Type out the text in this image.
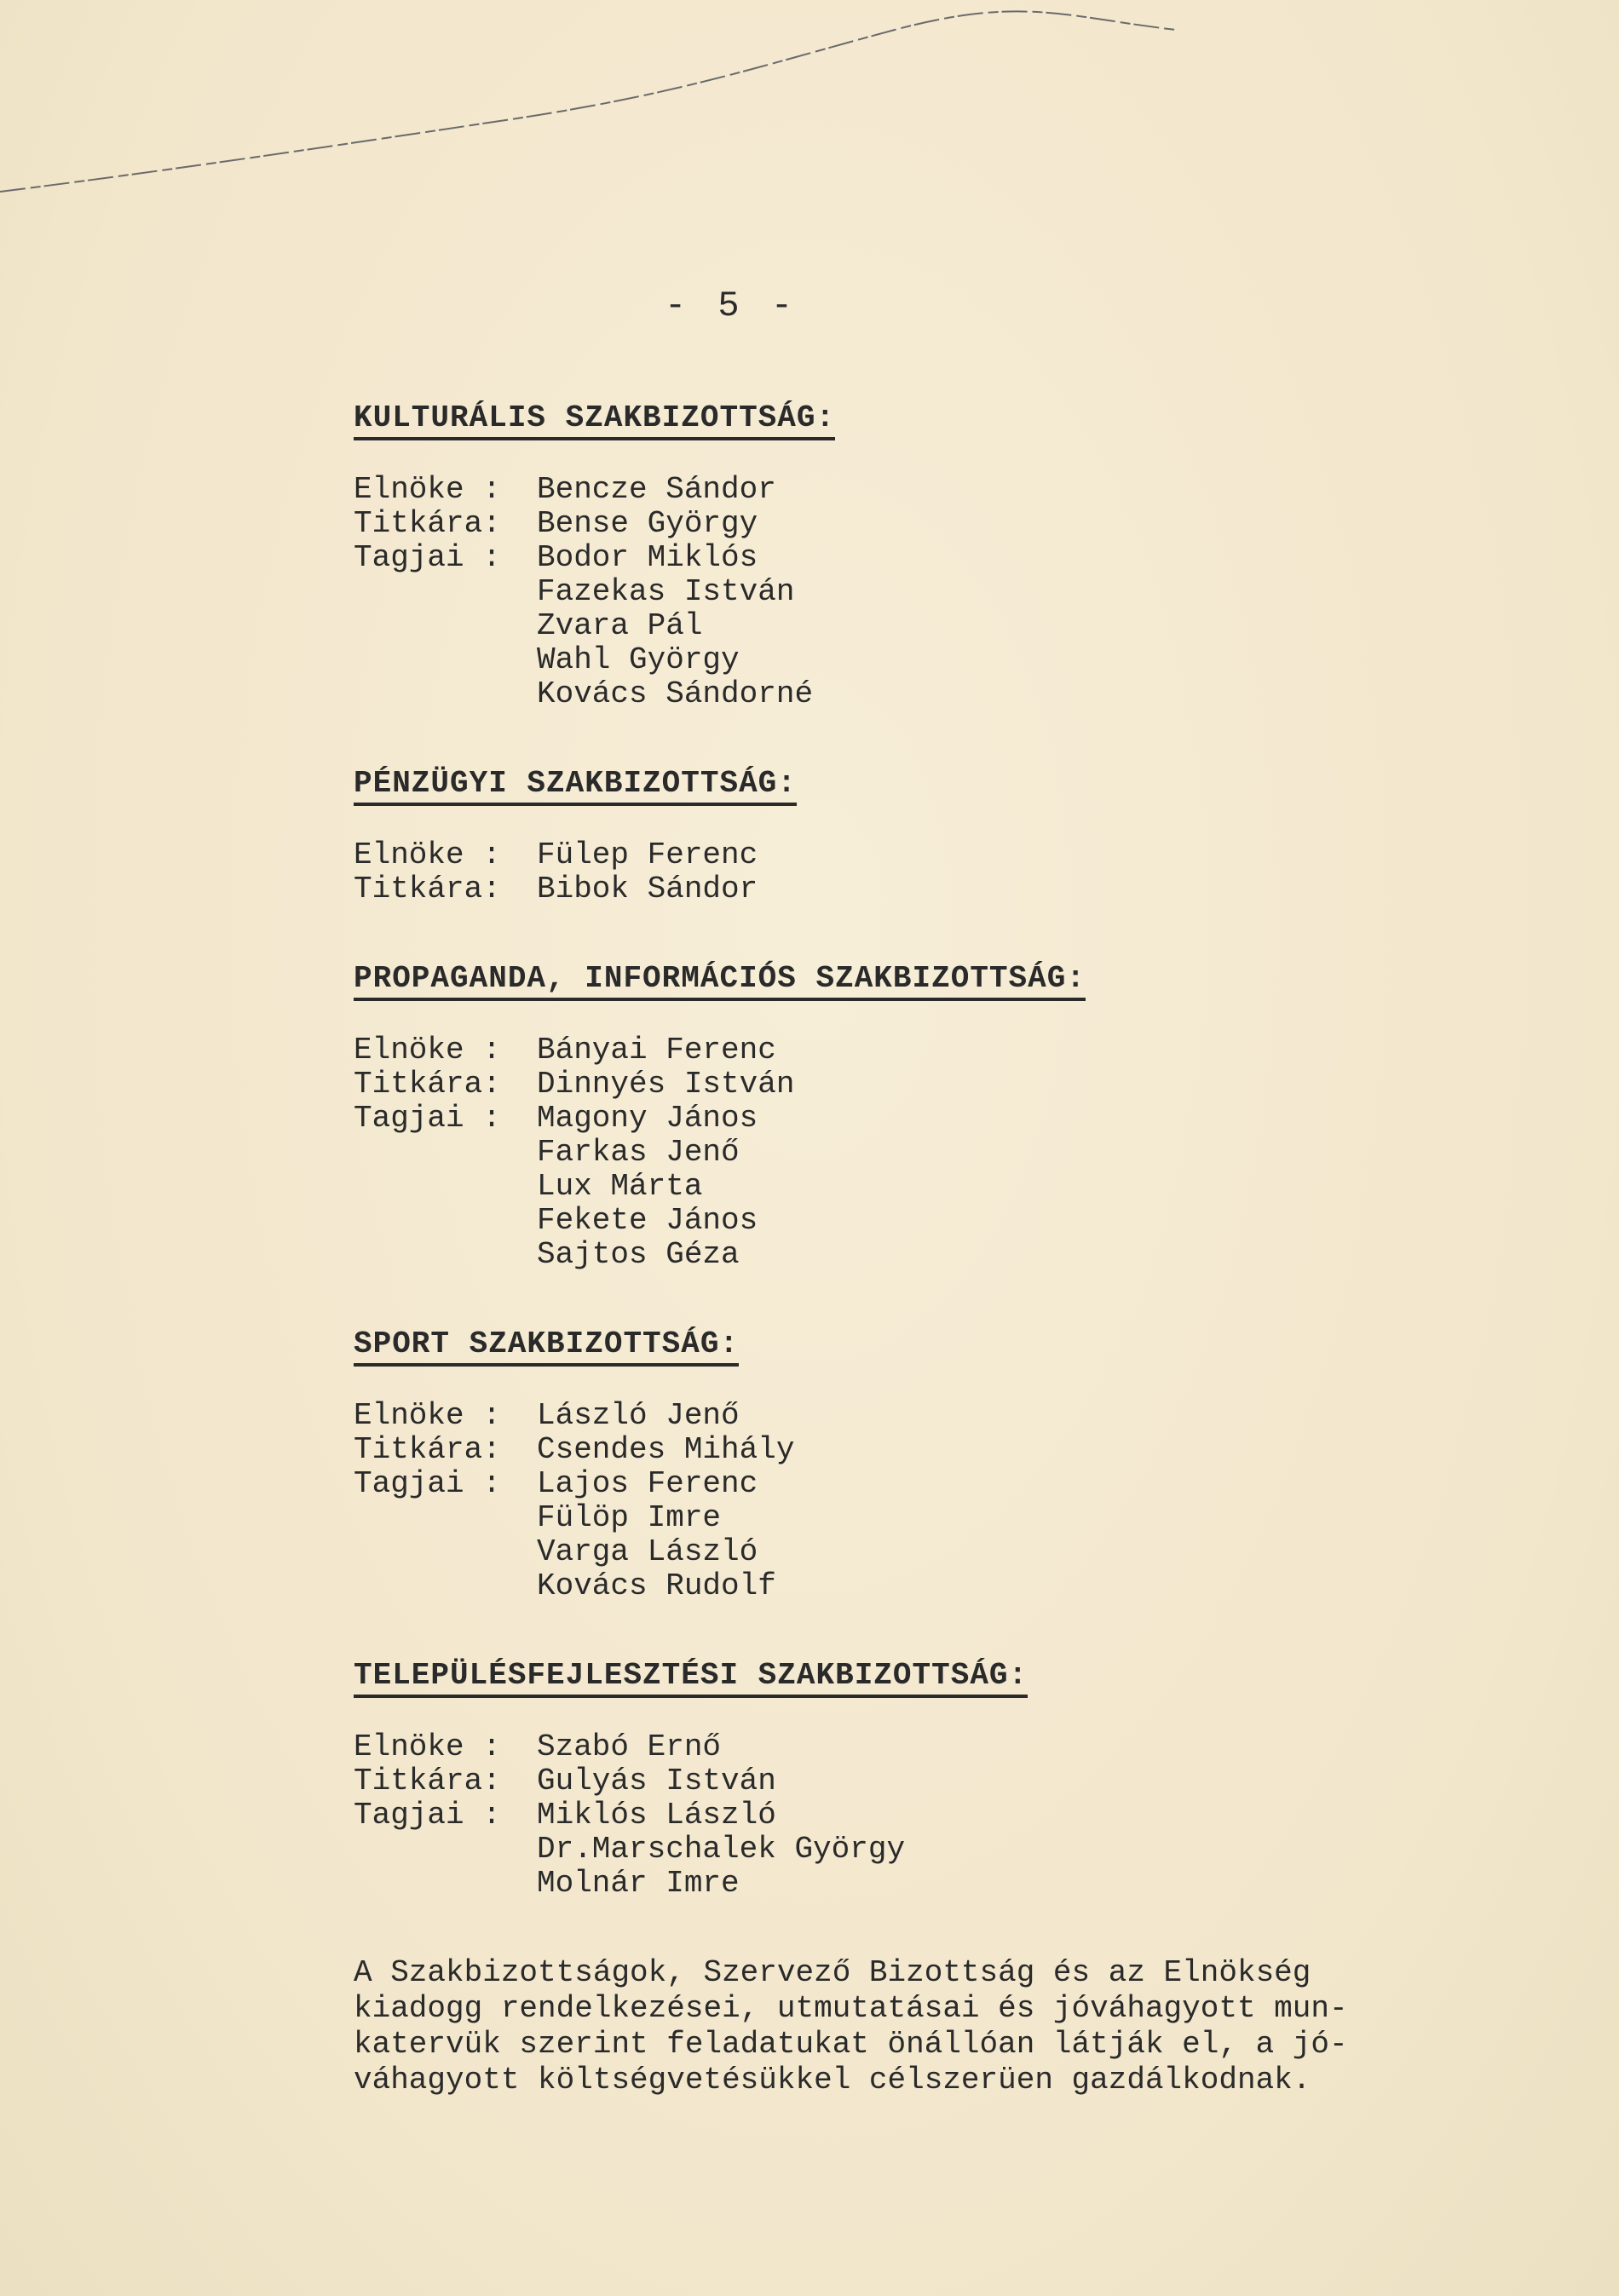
- 5 -
KULTURÁLIS SZAKBIZOTTSÁG:
Elnöke :	Bencze Sándor
Titkára:	Bense György
Tagjai :	Bodor Miklós
Fazekas István
Zvara Pál
Wahl György
Kovács Sándorné
PÉNZÜGYI SZAKBIZOTTSÁG:
Elnöke :	Fülep Ferenc
Titkára:	Bibok Sándor
PROPAGANDA, INFORMÁCIÓS SZAKBIZOTTSÁG:
Elnöke :	Bányai Ferenc
Titkára:	Dinnyés István
Tagjai :	Magony János
Farkas Jenő
Lux Márta
Fekete János
Sajtos Géza
SPORT SZAKBIZOTTSÁG:
Elnöke :	László Jenő
Titkára:	Csendes Mihály
Tagjai :	Lajos Ferenc
Fülöp Imre
Varga László
Kovács Rudolf
TELEPÜLÉSFEJLESZTÉSI SZAKBIZOTTSÁG:
Elnöke :	Szabó Ernő
Titkára:	Gulyás István
Tagjai :	Miklós László
Dr.Marschalek György
Molnár Imre
A Szakbizottságok, Szervező Bizottság és az Elnökség
kiadogg rendelkezései, utmutatásai és jóváhagyott mun-
katervük szerint feladatukat önállóan látják el, a jó-
váhagyott költségvetésükkel célszerüen gazdálkodnak.
